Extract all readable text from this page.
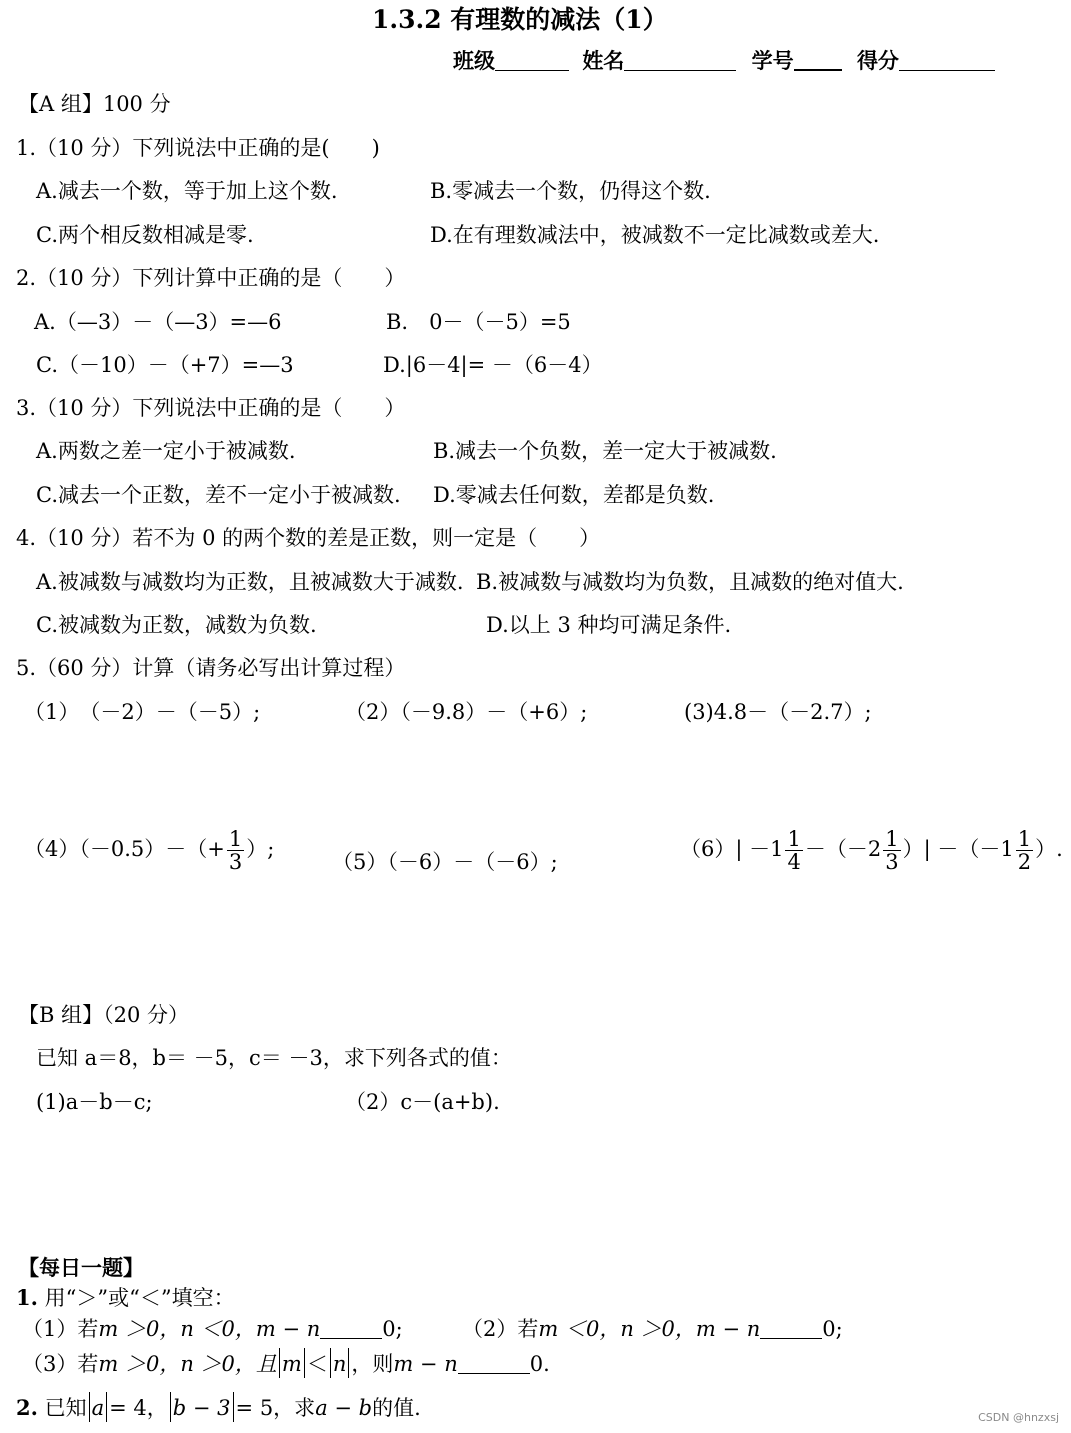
1.3.2 有理数的减法（1）
班级	姓名	学号	得分
【A 组】100 分
1.（10 分）下列说法中正确的是(　　)
A.减去一个数，等于加上这个数.	B.零减去一个数，仍得这个数.
C.两个相反数相减是零.	D.在有理数减法中，被减数不一定比减数或差大.
2.（10 分）下列计算中正确的是（　　）
A.（—3）－（—3）=—6	B.　0－（－5）=5
C.（－10）－（+7）=—3	D.|6－4|= －（6－4）
3.（10 分）下列说法中正确的是（　　）
A.两数之差一定小于被减数.	B.减去一个负数，差一定大于被减数.
C.减去一个正数，差不一定小于被减数. D.零减去任何数，差都是负数.
4.（10 分）若不为 0 的两个数的差是正数，则一定是（　　）
A.被减数与减数均为正数，且被减数大于减数. B.被减数与减数均为负数，且减数的绝对值大.
C.被减数为正数，减数为负数.	D.以上 3 种均可满足条件.
5.（60 分）计算（请务必写出计算过程）
（1）　（－2）－（－5）;	（2）（－9.8）－（+6）;	(3)4.8－（－2.7）;
$(4)(-0.5)-(+ \frac{1}{3}$ ）;
（5）（－6）－（－6）;
$(6)| -1 \frac{1}{4} -(-2 \frac{1}{3}$ ）| $-(-1 \frac{1}{2}$ ）.
【B 组】（20 分）
已知 a＝8，b＝ －5，c＝ －3，求下列各式的值：
(1)a－b－c;	（2）c－(a+b).
【每日一题】
1. 用“＞”或“＜”填空：
（1）若m ＞0，n ＜0，m − n	0;	（2）若m ＜0，n ＞0，m − n	0;
（3）若m ＞0，n ＞0，且 m ＜ n ，则m − n	0.
2. 已知 a = 4， b − 3 = 5，求a − b的值.	CSDN @hnzxsj
